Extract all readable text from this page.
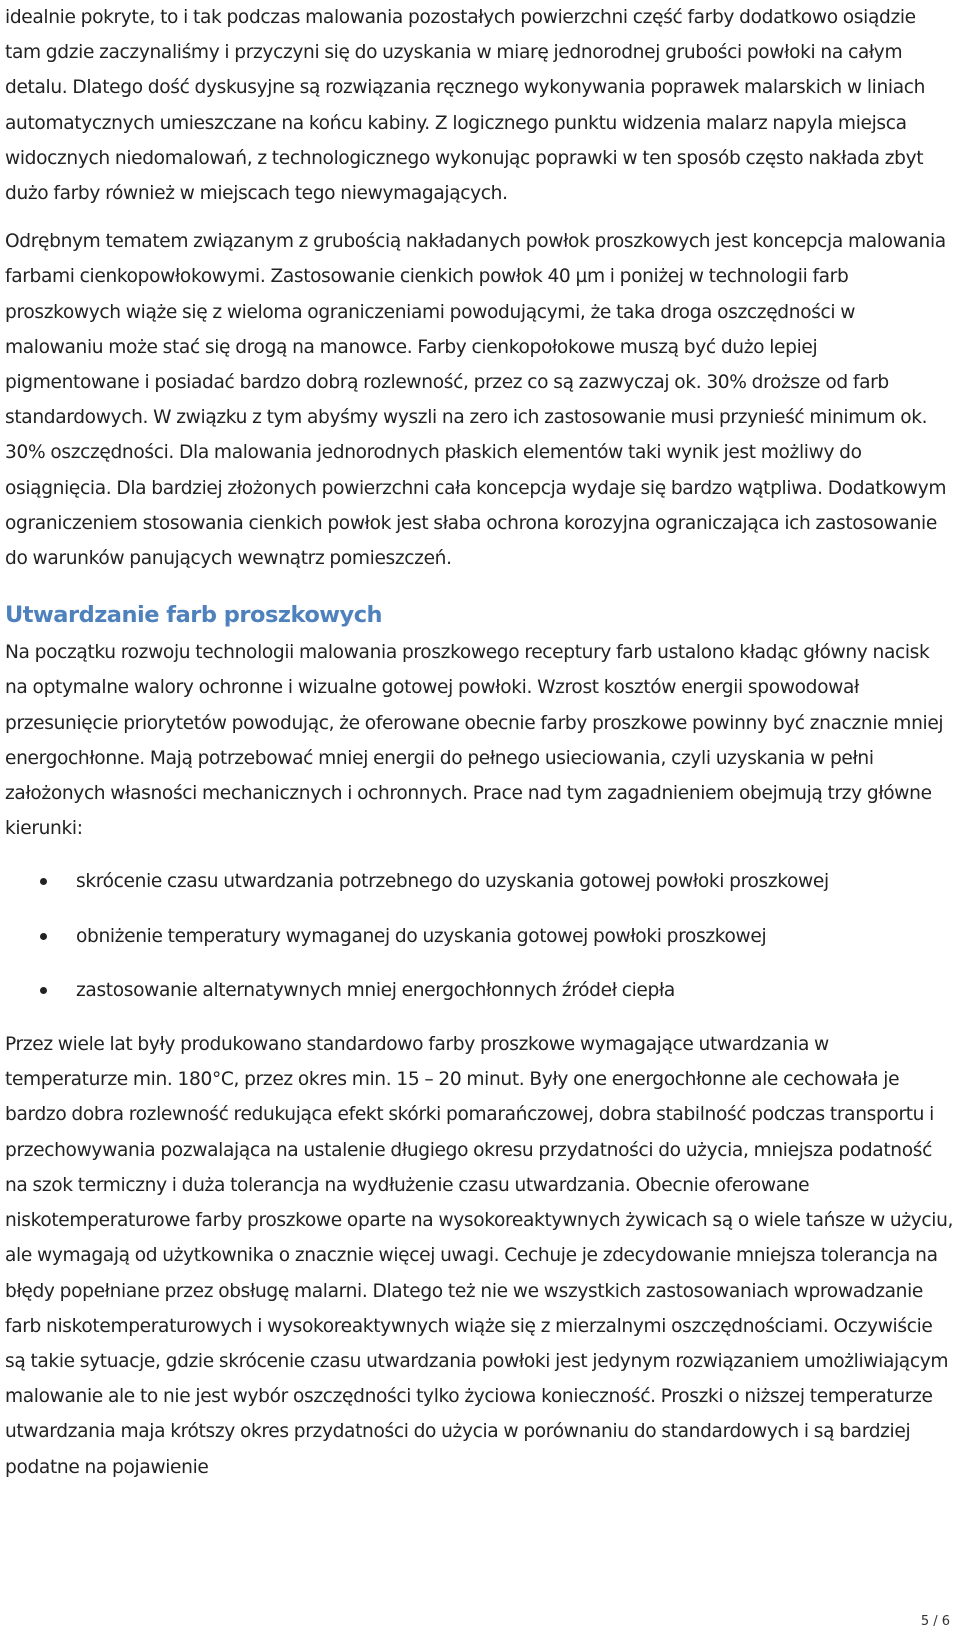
idealnie pokryte, to i tak podczas malowania pozostałych powierzchni część farby dodatkowo osiądzie tam gdzie zaczynaliśmy i przyczyni się do uzyskania w miarę jednorodnej grubości powłoki na całym detalu. Dlatego dość dyskusyjne są rozwiązania ręcznego wykonywania poprawek malarskich w liniach automatycznych umieszczane na końcu kabiny. Z logicznego punktu widzenia malarz napyla miejsca widocznych niedomalowań, z technologicznego wykonując poprawki w ten sposób często nakłada zbyt dużo farby również w miejscach tego niewymagających.

Odrębnym tematem związanym z grubością nakładanych powłok proszkowych jest koncepcja malowania farbami cienkopowłokowymi. Zastosowanie cienkich powłok 40 µm i poniżej w technologii farb proszkowych wiąże się z wieloma ograniczeniami powodującymi, że taka droga oszczędności w malowaniu może stać się drogą na manowce. Farby cienkopołokowe muszą być dużo lepiej pigmentowane i posiadać bardzo dobrą rozlewność, przez co są zazwyczaj ok. 30% droższe od farb standardowych. W związku z tym abyśmy wyszli na zero ich zastosowanie musi przynieść minimum ok. 30% oszczędności. Dla malowania jednorodnych płaskich elementów taki wynik jest możliwy do osiągnięcia. Dla bardziej złożonych powierzchni cała koncepcja wydaje się bardzo wątpliwa. Dodatkowym ograniczeniem stosowania cienkich powłok jest słaba ochrona korozyjna ograniczająca ich zastosowanie do warunków panujących wewnątrz pomieszczeń.

Utwardzanie farb proszkowych

Na początku rozwoju technologii malowania proszkowego receptury farb ustalono kładąc główny nacisk na optymalne walory ochronne i wizualne gotowej powłoki. Wzrost kosztów energii spowodował przesunięcie priorytetów powodując, że oferowane obecnie farby proszkowe powinny być znacznie mniej energochłonne. Mają potrzebować mniej energii do pełnego usieciowania, czyli uzyskania w pełni założonych własności mechanicznych i ochronnych. Prace nad tym zagadnieniem obejmują trzy główne kierunki:

skrócenie czasu utwardzania potrzebnego do uzyskania gotowej powłoki proszkowej
obniżenie temperatury wymaganej do uzyskania gotowej powłoki proszkowej
zastosowanie alternatywnych mniej energochłonnych źródeł ciepła

Przez wiele lat były produkowano standardowo farby proszkowe wymagające utwardzania w temperaturze min. 180°C, przez okres min. 15 – 20 minut. Były one energochłonne ale cechowała je bardzo dobra rozlewność redukująca efekt skórki pomarańczowej, dobra stabilność podczas transportu i przechowywania pozwalająca na ustalenie długiego okresu przydatności do użycia, mniejsza podatność na szok termiczny i duża tolerancja na wydłużenie czasu utwardzania. Obecnie oferowane niskotemperaturowe farby proszkowe oparte na wysokoreaktywnych żywicach są o wiele tańsze w użyciu, ale wymagają od użytkownika o znacznie więcej uwagi. Cechuje je zdecydowanie mniejsza tolerancja na błędy popełniane przez obsługę malarni. Dlatego też nie we wszystkich zastosowaniach wprowadzanie farb niskotemperaturowych i wysokoreaktywnych wiąże się z mierzalnymi oszczędnościami. Oczywiście są takie sytuacje, gdzie skrócenie czasu utwardzania powłoki jest jedynym rozwiązaniem umożliwiającym malowanie ale to nie jest wybór oszczędności tylko życiowa konieczność. Proszki o niższej temperaturze utwardzania maja krótszy okres przydatności do użycia w porównaniu do standardowych i są bardziej podatne na pojawienie

5 / 6
